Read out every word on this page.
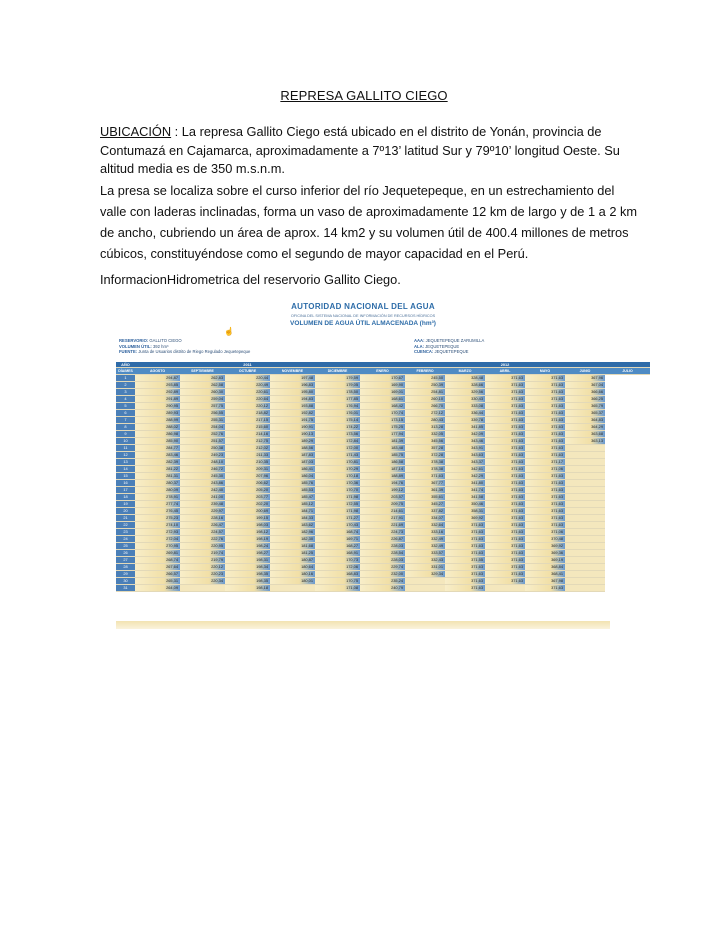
REPRESA GALLITO CIEGO
UBICACIÓN : La represa Gallito Ciego está ubicado en el distrito de Yonán, provincia de Contumazá en Cajamarca, aproximadamente a 7º13’ latitud Sur y 79º10’ longitud Oeste. Su altitud media es de 350 m.s.n.m.
La presa se localiza sobre el curso inferior del río Jequetepeque, en un estrechamiento del valle con laderas inclinadas, forma un vaso de aproximadamente 12 km de largo y de 1 a 2 km de ancho, cubriendo un área de aprox. 14 km2 y su volumen útil de 400.4 millones de metros cúbicos, constituyéndose como el segundo de mayor capacidad en el Perú.
InformacionHidrometrica del reservorio Gallito Ciego.
AUTORIDAD NACIONAL DEL AGUA
OFICINA DEL SISTEMA NACIONAL DE INFORMACIÓN DE RECURSOS HÍDRICOS
VOLUMEN DE AGUA ÚTIL ALMACENADA (hm³)
☝
RESERVORIO: GALLITO CIEGO
VOLUMEN ÚTIL: 392 hm³
FUENTE: Junta de Usuarios distrito de Riego Regulado Jequetepeque
AAA: JEQUETEPEQUE ZARUMILLA
ALA: JEQUETEPEQUE
CUENCA: JEQUETEPEQUE
AÑO	2011					2012						
DÍA/MES	AGOSTO	SEPTIEMBRE	OCTUBRE	NOVIEMBRE	DICIEMBRE	ENERO	FEBRERO	MARZO	ABRIL	MAYO	JUNIO	JULIO
1	294,87	262,83	220,44	197,48	179,59	170,67	245,50	328,48	371,63	371,63	367,96	
2	293,85	262,58	220,49	196,83	179,05	169,90	250,39	328,66	371,63	371,63	367,04	
3	292,89	260,30	220,61	195,80	178,50	169,01	254,81	329,56	371,63	371,63	366,66	
4	291,89	259,04	220,64	194,83	177,85	168,61	260,10	330,43	371,63	371,63	366,25	
5	290,95	257,75	220,12	193,88	176,94	168,42	266,70	333,08	371,63	371,63	365,79	
6	289,93	256,55	218,82	192,82	176,01	170,74	272,12	336,44	371,63	371,63	365,37	
7	288,99	255,31	217,15	191,75	175,14	173,15	280,43	339,78	371,63	371,63	364,83	
8	288,02	254,04	215,60	190,91	174,22	175,25	313,28	341,85	371,63	371,63	364,29	
9	286,98	252,76	214,16	190,13	173,56	177,94	332,05	342,09	371,63	371,63	363,68	
10	285,90	251,57	212,75	189,29	172,84	181,39	345,56	343,46	371,63	371,63	363,13	
11	284,77	250,38	212,02	188,56	172,00	183,48	357,28	343,91	371,63	371,63		
12	283,46	249,23	211,33	187,83	171,43	185,75	372,28	343,63	371,63	371,63		
13	282,39	248,10	210,35	187,03	170,81	186,58	378,38	343,37	371,63	371,17		
14	281,22	246,72	209,31	186,41	170,29	187,14	378,38	342,61	371,63	371,06		
15	281,31	245,30	207,96	186,04	170,18	188,89	371,63	342,29	371,63	371,63		
16	280,37	243,86	206,62	185,76	170,36	194,76	367,77	341,80	371,63	371,63		
17	280,09	242,40	205,20	185,53	170,70	199,12	361,39	341,74	371,63	371,63		
18	278,91	241,00	203,77	185,47	171,98	203,57	355,61	341,58	371,63	371,63		
19	277,74	239,48	202,20	185,12	172,55	209,75	345,27	350,46	371,63	371,63		
20	276,45	229,97	200,69	184,71	171,98	214,61	337,82	358,31	371,63	371,63		
21	275,23	228,16	199,15	184,33	171,27	217,91	334,07	369,92	371,63	371,63		
22	274,10	226,47	198,03	183,62	170,43	221,69	332,64	371,63	371,63	371,63		
23	272,93	224,57	198,12	182,96	168,74	224,73	333,16	371,63	371,63	371,06		
24	272,04	222,76	198,19	182,30	169,71	226,87	332,49	371,63	371,63	370,48		
25	270,95	220,95	198,24	181,68	168,27	228,03	332,49	371,63	371,63	369,92		
26	269,81	219,74	198,27	181,25	168,91	228,54	333,57	371,63	371,63	369,36		
27	268,74	219,79	198,31	180,87	170,73	228,03	332,43	371,55	371,63	369,19		
28	267,64	220,12	198,34	180,64	172,06	229,74	331,01	371,63	371,63	368,84		
29	266,57	220,23	198,35	180,16	168,83	232,00	329,34	371,63	371,63	368,41		
30	265,31	220,34	198,35	180,01	170,75	235,24		371,63	371,63	367,98		
31	264,09		198,18		171,08	240,79		371,63		371,63		
